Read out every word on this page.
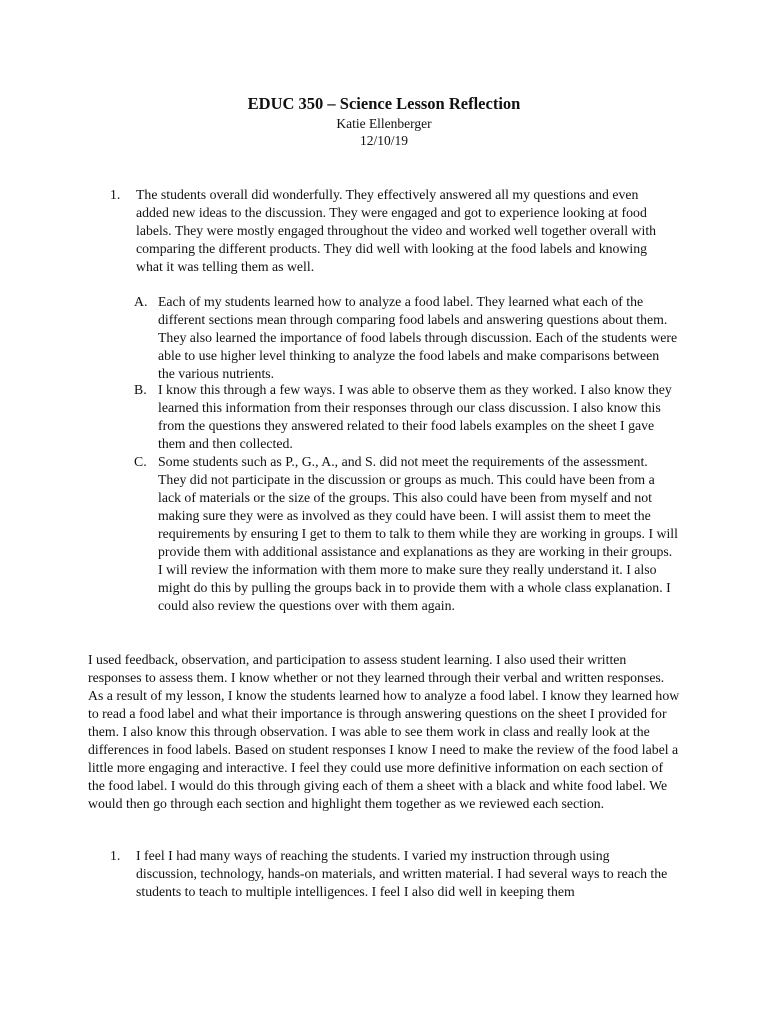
EDUC 350 – Science Lesson Reflection
Katie Ellenberger
12/10/19
1.	The students overall did wonderfully. They effectively answered all my questions and even added new ideas to the discussion. They were engaged and got to experience looking at food labels. They were mostly engaged throughout the video and worked well together overall with comparing the different products. They did well with looking at the food labels and knowing what it was telling them as well.
A. Each of my students learned how to analyze a food label. They learned what each of the different sections mean through comparing food labels and answering questions about them. They also learned the importance of food labels through discussion. Each of the students were able to use higher level thinking to analyze the food labels and make comparisons between the various nutrients.
B. I know this through a few ways. I was able to observe them as they worked. I also know they learned this information from their responses through our class discussion. I also know this from the questions they answered related to their food labels examples on the sheet I gave them and then collected.
C. Some students such as P., G., A., and S. did not meet the requirements of the assessment. They did not participate in the discussion or groups as much. This could have been from a lack of materials or the size of the groups. This also could have been from myself and not making sure they were as involved as they could have been. I will assist them to meet the requirements by ensuring I get to them to talk to them while they are working in groups. I will provide them with additional assistance and explanations as they are working in their groups. I will review the information with them more to make sure they really understand it. I also might do this by pulling the groups back in to provide them with a whole class explanation. I could also review the questions over with them again.
I used feedback, observation, and participation to assess student learning. I also used their written responses to assess them. I know whether or not they learned through their verbal and written responses. As a result of my lesson, I know the students learned how to analyze a food label. I know they learned how to read a food label and what their importance is through answering questions on the sheet I provided for them. I also know this through observation. I was able to see them work in class and really look at the differences in food labels. Based on student responses I know I need to make the review of the food label a little more engaging and interactive. I feel they could use more definitive information on each section of the food label. I would do this through giving each of them a sheet with a black and white food label. We would then go through each section and highlight them together as we reviewed each section.
1.	I feel I had many ways of reaching the students. I varied my instruction through using discussion, technology, hands-on materials, and written material. I had several ways to reach the students to teach to multiple intelligences. I feel I also did well in keeping them
